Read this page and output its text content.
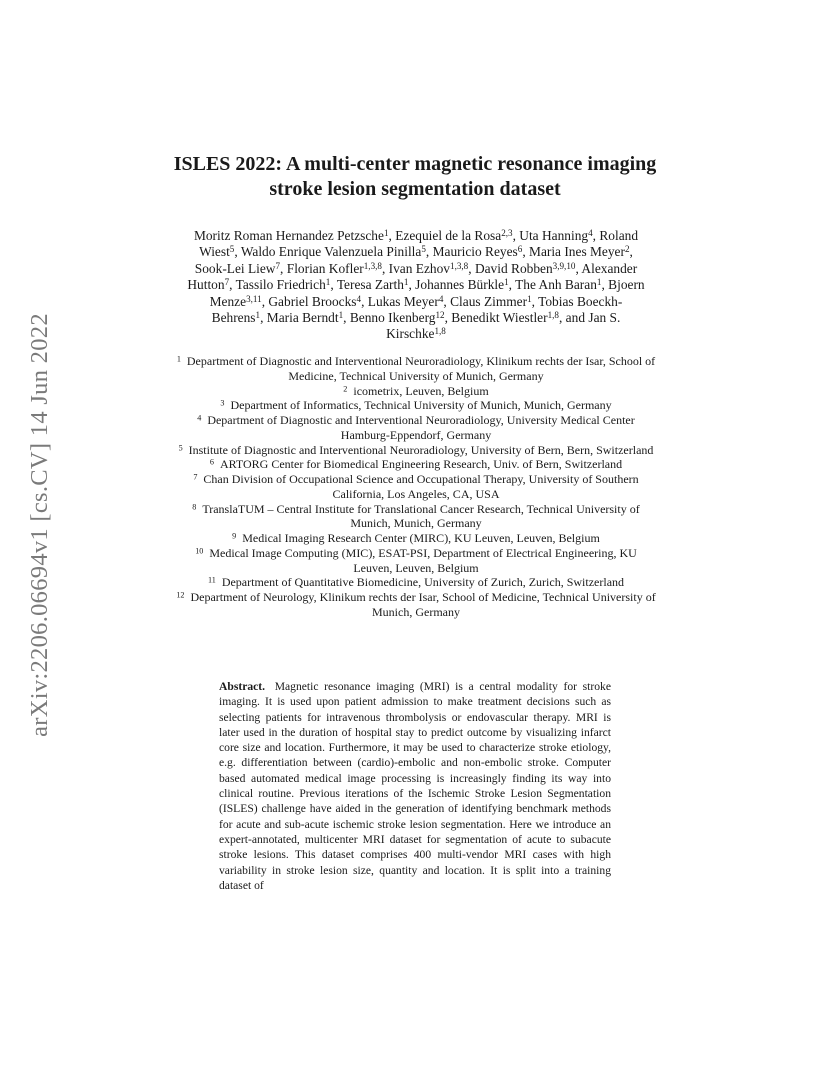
arXiv:2206.06694v1 [cs.CV] 14 Jun 2022
ISLES 2022: A multi-center magnetic resonance imaging stroke lesion segmentation dataset
Moritz Roman Hernandez Petzsche$^1$, Ezequiel de la Rosa$^{2,3}$, Uta Hanning$^4$, Roland Wiest$^5$, Waldo Enrique Valenzuela Pinilla$^5$, Mauricio Reyes$^6$, Maria Ines Meyer$^2$, Sook-Lei Liew$^7$, Florian Kofler$^{1,3,8}$, Ivan Ezhov$^{1,3,8}$, David Robben$^{3,9,10}$, Alexander Hutton$^7$, Tassilo Friedrich$^1$, Teresa Zarth$^1$, Johannes Bürkle$^1$, The Anh Baran$^1$, Bjoern Menze$^{3,11}$, Gabriel Broocks$^4$, Lukas Meyer$^4$, Claus Zimmer$^1$, Tobias Boeckh-Behrens$^1$, Maria Berndt$^1$, Benno Ikenberg$^{12}$, Benedikt Wiestler$^{1,8}$, and Jan S. Kirschke$^{1,8}$
$^1$  Department of Diagnostic and Interventional Neuroradiology, Klinikum rechts der Isar, School of Medicine, Technical University of Munich, Germany
$^2$  icometrix, Leuven, Belgium
$^3$  Department of Informatics, Technical University of Munich, Munich, Germany
$^4$  Department of Diagnostic and Interventional Neuroradiology, University Medical Center Hamburg-Eppendorf, Germany
$^5$  Institute of Diagnostic and Interventional Neuroradiology, University of Bern, Bern, Switzerland
$^6$  ARTORG Center for Biomedical Engineering Research, Univ. of Bern, Switzerland
$^7$  Chan Division of Occupational Science and Occupational Therapy, University of Southern California, Los Angeles, CA, USA
$^8$  TranslaTUM – Central Institute for Translational Cancer Research, Technical University of Munich, Munich, Germany
$^9$  Medical Imaging Research Center (MIRC), KU Leuven, Leuven, Belgium
$^{10}$  Medical Image Computing (MIC), ESAT-PSI, Department of Electrical Engineering, KU Leuven, Leuven, Belgium
$^{11}$  Department of Quantitative Biomedicine, University of Zurich, Zurich, Switzerland
$^{12}$  Department of Neurology, Klinikum rechts der Isar, School of Medicine, Technical University of Munich, Germany
Abstract. Magnetic resonance imaging (MRI) is a central modality for stroke imaging. It is used upon patient admission to make treatment decisions such as selecting patients for intravenous thrombolysis or endovascular therapy. MRI is later used in the duration of hospital stay to predict outcome by visualizing infarct core size and location. Furthermore, it may be used to characterize stroke etiology, e.g. differentiation between (cardio)-embolic and non-embolic stroke. Computer based automated medical image processing is increasingly finding its way into clinical routine. Previous iterations of the Ischemic Stroke Lesion Segmentation (ISLES) challenge have aided in the generation of identifying benchmark methods for acute and sub-acute ischemic stroke lesion segmentation. Here we introduce an expert-annotated, multicenter MRI dataset for segmentation of acute to subacute stroke lesions. This dataset comprises 400 multi-vendor MRI cases with high variability in stroke lesion size, quantity and location. It is split into a training dataset of
